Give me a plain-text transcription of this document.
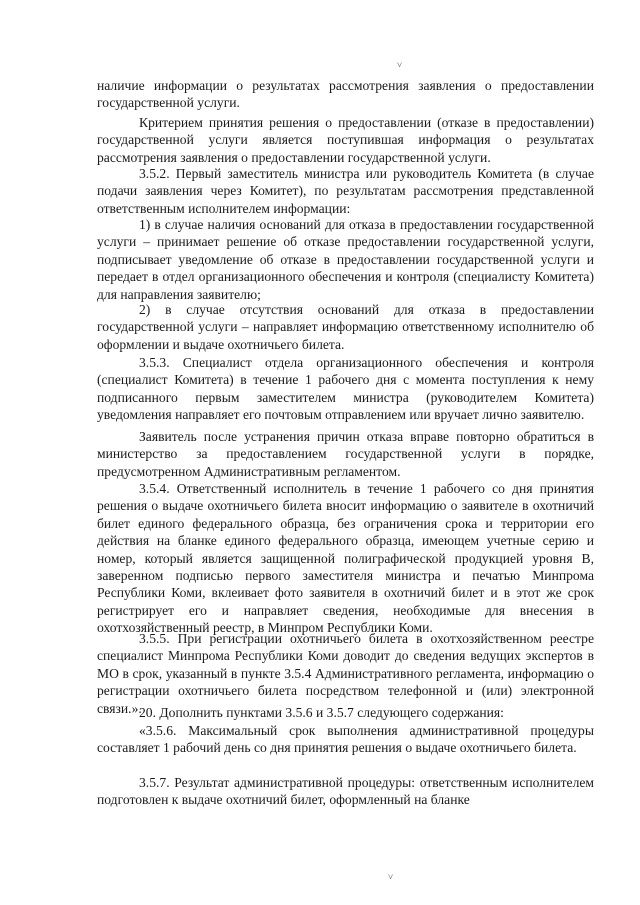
˅

наличие информации о результатах рассмотрения заявления о предоставлении государственной услуги.

Критерием принятия решения о предоставлении (отказе в предоставлении) государственной услуги является поступившая информация о результатах рассмотрения заявления о предоставлении государственной услуги.

3.5.2. Первый заместитель министра или руководитель Комитета (в случае подачи заявления через Комитет), по результатам рассмотрения представленной ответственным исполнителем информации:

1) в случае наличия оснований для отказа в предоставлении государственной услуги – принимает решение об отказе предоставлении государственной услуги, подписывает уведомление об отказе в предоставлении государственной услуги и передает в отдел организационного обеспечения и контроля (специалисту Комитета) для направления заявителю;

2) в случае отсутствия оснований для отказа в предоставлении государственной услуги – направляет информацию ответственному исполнителю об оформлении и выдаче охотничьего билета.

3.5.3. Специалист отдела организационного обеспечения и контроля (специалист Комитета) в течение 1 рабочего дня с момента поступления к нему подписанного первым заместителем министра (руководителем Комитета) уведомления направляет его почтовым отправлением или вручает лично заявителю.

Заявитель после устранения причин отказа вправе повторно обратиться в министерство за предоставлением государственной услуги в порядке, предусмотренном Административным регламентом.

3.5.4. Ответственный исполнитель в течение 1 рабочего со дня принятия решения о выдаче охотничьего билета вносит информацию о заявителе в охотничий билет единого федерального образца, без ограничения срока и территории его действия на бланке единого федерального образца, имеющем учетные серию и номер, который является защищенной полиграфической продукцией уровня В, заверенном подписью первого заместителя министра и печатью Минпрома Республики Коми, вклеивает фото заявителя в охотничий билет и в этот же срок регистрирует его и направляет сведения, необходимые для внесения в охотхозяйственный реестр, в Минпром Республики Коми.

3.5.5. При регистрации охотничьего билета в охотхозяйственном реестре специалист Минпрома Республики Коми доводит до сведения ведущих экспертов в МО в срок, указанный в пункте 3.5.4 Административного регламента, информацию о регистрации охотничьего билета посредством телефонной и (или) электронной связи.».

20. Дополнить пунктами 3.5.6 и 3.5.7 следующего содержания:

«3.5.6. Максимальный срок выполнения административной процедуры составляет 1 рабочий день со дня принятия решения о выдаче охотничьего билета.

3.5.7. Результат административной процедуры: ответственным исполнителем подготовлен к выдаче охотничий билет, оформленный на бланке

˅
